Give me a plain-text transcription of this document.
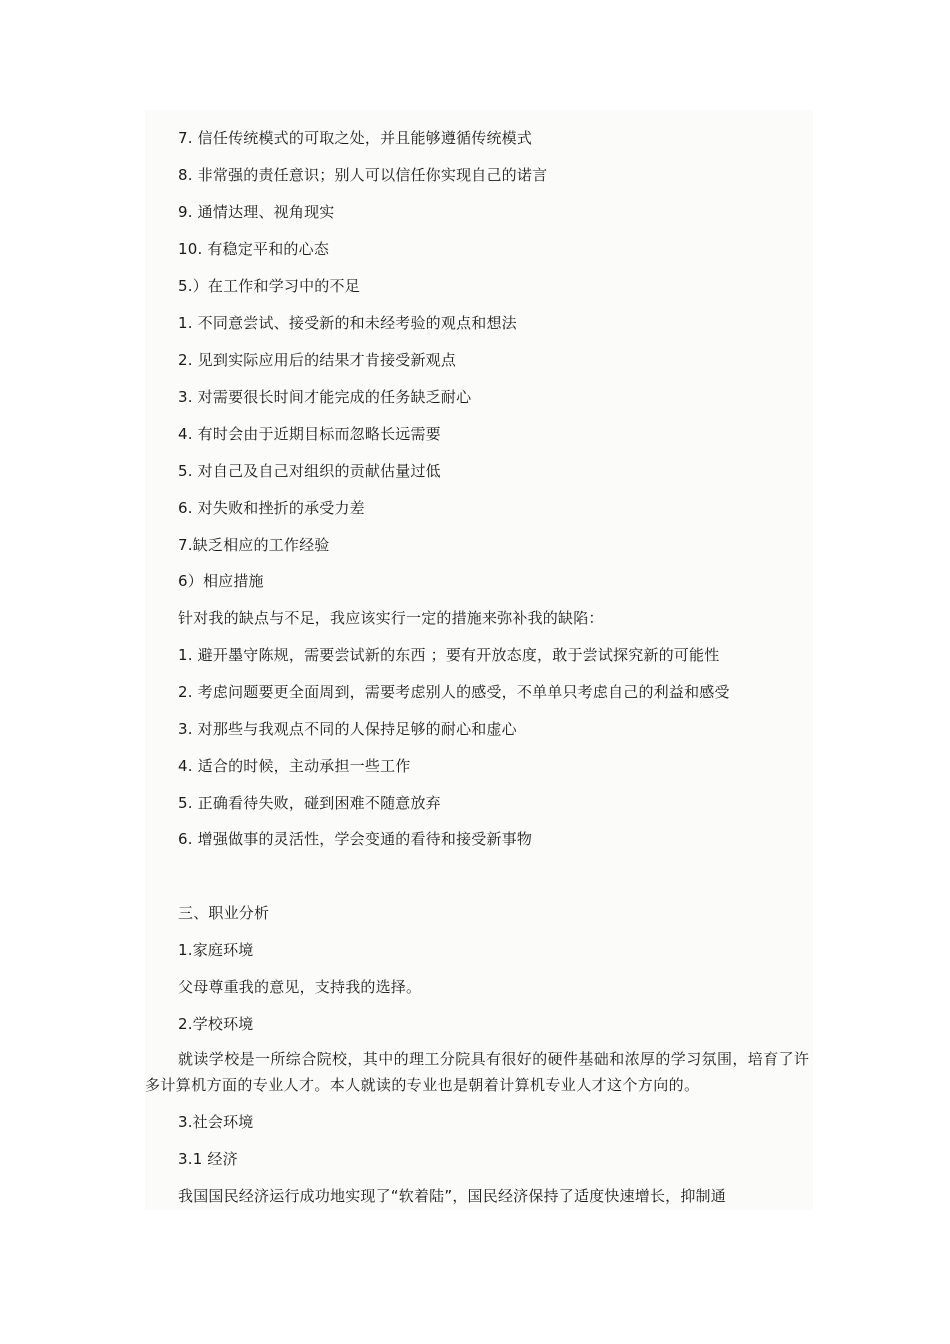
7. 信任传统模式的可取之处，并且能够遵循传统模式
8. 非常强的责任意识；别人可以信任你实现自己的诺言
9. 通情达理、视角现实
10. 有稳定平和的心态
5.）在工作和学习中的不足
1. 不同意尝试、接受新的和未经考验的观点和想法
2. 见到实际应用后的结果才肯接受新观点
3. 对需要很长时间才能完成的任务缺乏耐心
4. 有时会由于近期目标而忽略长远需要
5. 对自己及自己对组织的贡献估量过低
6. 对失败和挫折的承受力差
7.缺乏相应的工作经验
6）相应措施
针对我的缺点与不足，我应该实行一定的措施来弥补我的缺陷：
1. 避开墨守陈规，需要尝试新的东西 ；要有开放态度，敢于尝试探究新的可能性
2. 考虑问题要更全面周到，需要考虑别人的感受，不单单只考虑自己的利益和感受
3. 对那些与我观点不同的人保持足够的耐心和虚心
4. 适合的时候，主动承担一些工作
5. 正确看待失败，碰到困难不随意放弃
6. 增强做事的灵活性，学会变通的看待和接受新事物
三、职业分析
1.家庭环境
父母尊重我的意见，支持我的选择。
2.学校环境
就读学校是一所综合院校，其中的理工分院具有很好的硬件基础和浓厚的学习氛围，培育了许多计算机方面的专业人才。本人就读的专业也是朝着计算机专业人才这个方向的。
3.社会环境
3.1 经济
我国国民经济运行成功地实现了“软着陆”，国民经济保持了适度快速增长，抑制通
